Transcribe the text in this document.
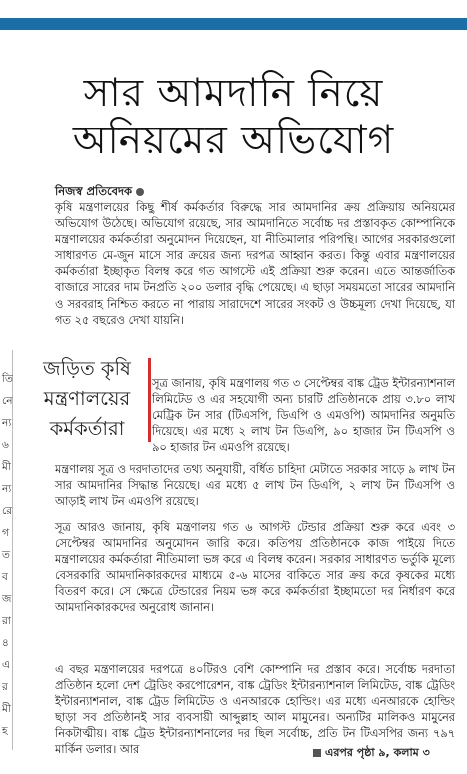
সার আমদানি নিয়ে
অনিয়মের অভিযোগ
নিজস্ব প্রতিবেদক
কৃষি মন্ত্রণালয়ের কিছু শীর্ষ কর্মকর্তার বিরুদ্ধে সার আমদানির ক্রয় প্রক্রিয়ায় অনিয়মের অভিযোগ উঠেছে। অভিযোগ রয়েছে, সার আমদানিতে সর্বোচ্চ দর প্রস্তাবকৃত কোম্পানিকে মন্ত্রণালয়ের কর্মকর্তারা অনুমোদন দিয়েছেন, যা নীতিমালার পরিপন্থি। আগের সরকারগুলো সাধারণত মে-জুন মাসে সার ক্রয়ের জন্য দরপত্র আহ্বান করত। কিন্তু এবার মন্ত্রণালয়ের কর্মকর্তারা ইচ্ছাকৃত বিলম্ব করে গত আগস্টে এই প্রক্রিয়া শুরু করেন। এতে আন্তর্জাতিক বাজারে সারের দাম টনপ্রতি ২০০ ডলার বৃদ্ধি পেয়েছে। এ ছাড়া সময়মতো সারের আমদানি ও সরবরাহ নিশ্চিত করতে না পারায় সারাদেশে সারের সংকট ও উচ্চমূল্য দেখা দিয়েছে, যা গত ২৫ বছরেও দেখা যায়নি।
জড়িত কৃষি
মন্ত্রণালয়ের
কর্মকর্তারা
সূত্র জানায়, কৃষি মন্ত্রণালয় গত ৩ সেপ্টেম্বর বাঙ্ক ট্রেড ইন্টারন্যাশনাল লিমিটেড ও এর সহযোগী অন্য চারটি প্রতিষ্ঠানকে প্রায় ৩.৮০ লাখ মেট্রিক টন সার (টিএসপি, ডিএপি ও এমওপি) আমদানির অনুমতি দিয়েছে। এর মধ্যে ২ লাখ টন ডিএপি, ৯০ হাজার টন টিএসপি ও ৯০ হাজার টন এমওপি রয়েছে।
মন্ত্রণালয় সূত্র ও দরদাতাদের তথ্য অনুযায়ী, বর্ধিত চাহিদা মেটাতে সরকার সাড়ে ৯ লাখ টন সার আমদানির সিদ্ধান্ত নিয়েছে। এর মধ্যে ৫ লাখ টন ডিএপি, ২ লাখ টন টিএসপি ও আড়াই লাখ টন এমওপি রয়েছে।
সূত্র আরও জানায়, কৃষি মন্ত্রণালয় গত ৬ আগস্ট টেন্ডার প্রক্রিয়া শুরু করে এবং ৩ সেপ্টেম্বর আমদানির অনুমোদন জারি করে। কতিপয় প্রতিষ্ঠানকে কাজ পাইয়ে দিতে মন্ত্রণালয়ের কর্মকর্তারা নীতিমালা ভঙ্গ করে এ বিলম্ব করেন। সরকার সাধারণত ভর্তুকি মূল্যে বেসরকারি আমদানিকারকদের মাধ্যমে ৫-৬ মাসের বাকিতে সার ক্রয় করে কৃষকের মধ্যে বিতরণ করে। সে ক্ষেত্রে টেন্ডারের নিয়ম ভঙ্গ করে কর্মকর্তারা ইচ্ছামতো দর নির্ধারণ করে আমদানিকারকদের অনুরোধ জানান।
এ বছর মন্ত্রণালয়ের দরপত্রে ৪০টিরও বেশি কোম্পানি দর প্রস্তাব করে। সর্বোচ্চ দরদাতা প্রতিষ্ঠান হলো দেশ ট্রেডিং করপোরেশন, বাঙ্ক ট্রেডিং ইন্টারন্যাশনাল লিমিটেড, বাঙ্ক ট্রেডিং ইন্টারন্যাশনাল, বাঙ্ক ট্রেড লিমিটেড ও এনআরকে হোল্ডিং। এর মধ্যে এনআরকে হোল্ডিং ছাড়া সব প্রতিষ্ঠানই সার ব্যবসায়ী আব্দুল্লাহ আল মামুনের। অন্যটির মালিকও মামুনের নিকটাত্মীয়। বাঙ্ক ট্রেড ইন্টারন্যাশনালের দর ছিল সর্বোচ্চ, প্রতি টন টিএসপির জন্য ৭৯৭ মার্কিন ডলার। আর
তি
নে
ন্য
৬
মী
ন্য
রে
গ
ত
ব
জ
রা
৪
এ
র
মী
হ
এরপর পৃষ্ঠা ৯, কলাম ৩
